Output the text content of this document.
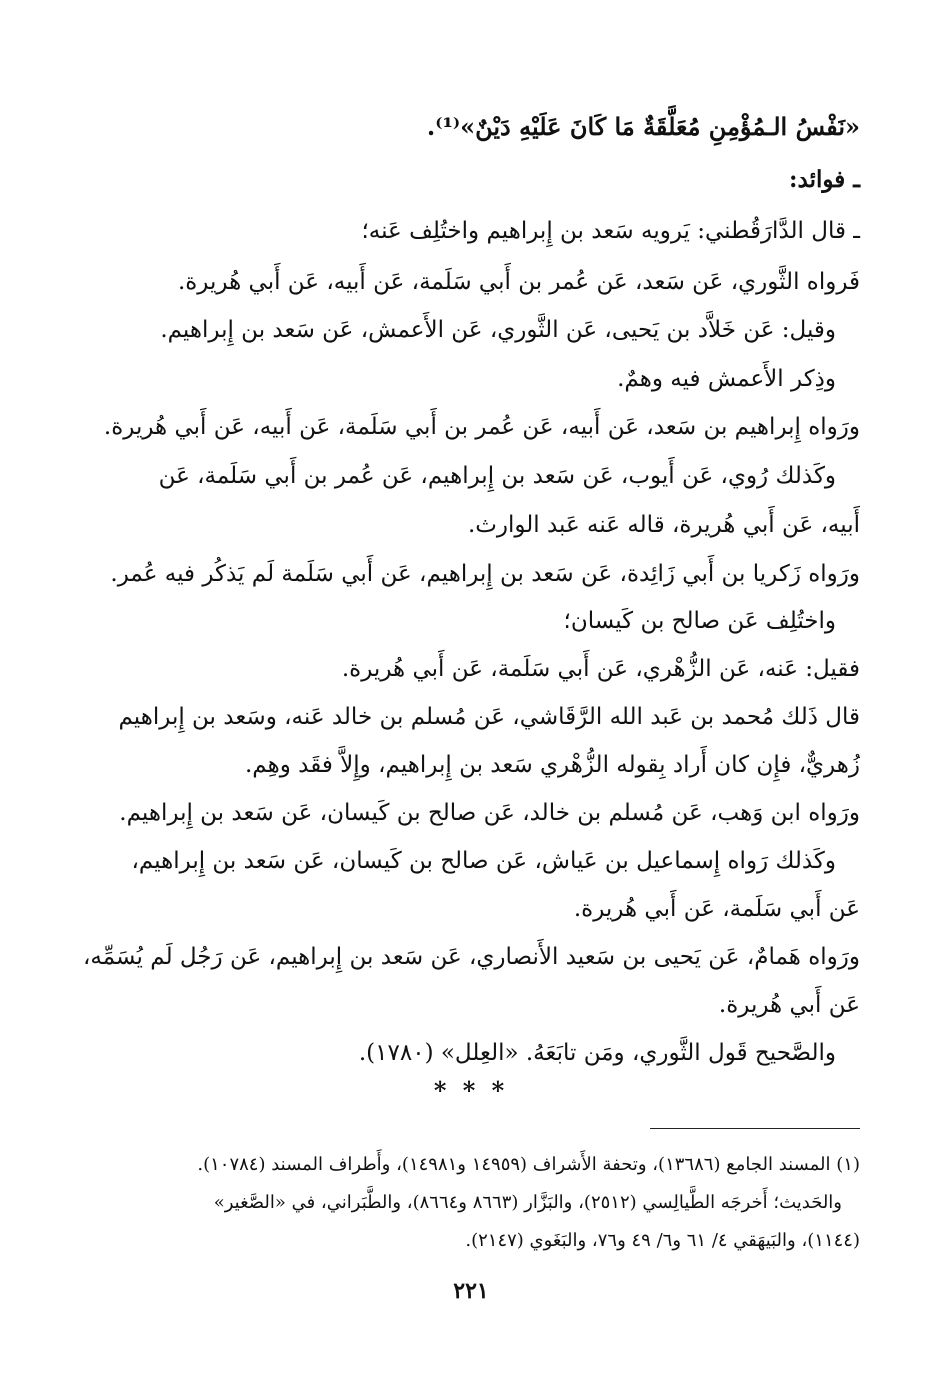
«نَفْسُ الـمُؤْمِنِ مُعَلَّقَةٌ مَا كَانَ عَلَيْهِ دَيْنٌ»⁽¹⁾.
ـ فوائد:
ـ قال الدَّارَقُطني: يَرويه سَعد بن إِبراهيم واختُلِف عَنه؛
فَرواه الثَّوري، عَن سَعد، عَن عُمر بن أَبي سَلَمة، عَن أَبيه، عَن أَبي هُريرة.
وقيل: عَن خَلاَّد بن يَحيى، عَن الثَّوري، عَن الأَعمش، عَن سَعد بن إِبراهيم.
وذِكر الأَعمش فيه وهمٌ.
ورَواه إِبراهيم بن سَعد، عَن أَبيه، عَن عُمر بن أَبي سَلَمة، عَن أَبيه، عَن أَبي هُريرة.
وكَذلك رُوي، عَن أَيوب، عَن سَعد بن إِبراهيم، عَن عُمر بن أَبي سَلَمة، عَن
أَبيه، عَن أَبي هُريرة، قاله عَنه عَبد الوارث.
ورَواه زَكريا بن أَبي زَائِدة، عَن سَعد بن إِبراهيم، عَن أَبي سَلَمة لَم يَذكُر فيه عُمر.
واختُلِف عَن صالح بن كَيسان؛
فقيل: عَنه، عَن الزُّهْري، عَن أَبي سَلَمة، عَن أَبي هُريرة.
قال ذَلك مُحمد بن عَبد الله الرَّقَاشي، عَن مُسلم بن خالد عَنه، وسَعد بن إِبراهيم
زُهريٌّ، فإِن كان أَراد بِقوله الزُّهْري سَعد بن إِبراهيم، وإِلاَّ فقَد وهِم.
ورَواه ابن وَهب، عَن مُسلم بن خالد، عَن صالح بن كَيسان، عَن سَعد بن إِبراهيم.
وكَذلك رَواه إِسماعيل بن عَياش، عَن صالح بن كَيسان، عَن سَعد بن إِبراهيم،
عَن أَبي سَلَمة، عَن أَبي هُريرة.
ورَواه هَمامٌ، عَن يَحيى بن سَعيد الأَنصاري، عَن سَعد بن إِبراهيم، عَن رَجُل لَم يُسَمِّه،
عَن أَبي هُريرة.
والصَّحيح قَول الثَّوري، ومَن تابَعَهُ. «العِلل» (١٧٨٠).
* * *
(١) المسند الجامع (١٣٦٨٦)، وتحفة الأَشراف (١٤٩٥٩ و١٤٩٨١)، وأَطراف المسند (١٠٧٨٤).
والحَديث؛ أَخرجَه الطَّيالِسي (٢٥١٢)، والبَزَّار (٨٦٦٣ و٨٦٦٤)، والطَّبَراني، في «الصَّغير»
(١١٤٤)، والبَيهَقي ٤/ ٦١ و٦/ ٤٩ و٧٦، والبَغَوي (٢١٤٧).
٢٢١
